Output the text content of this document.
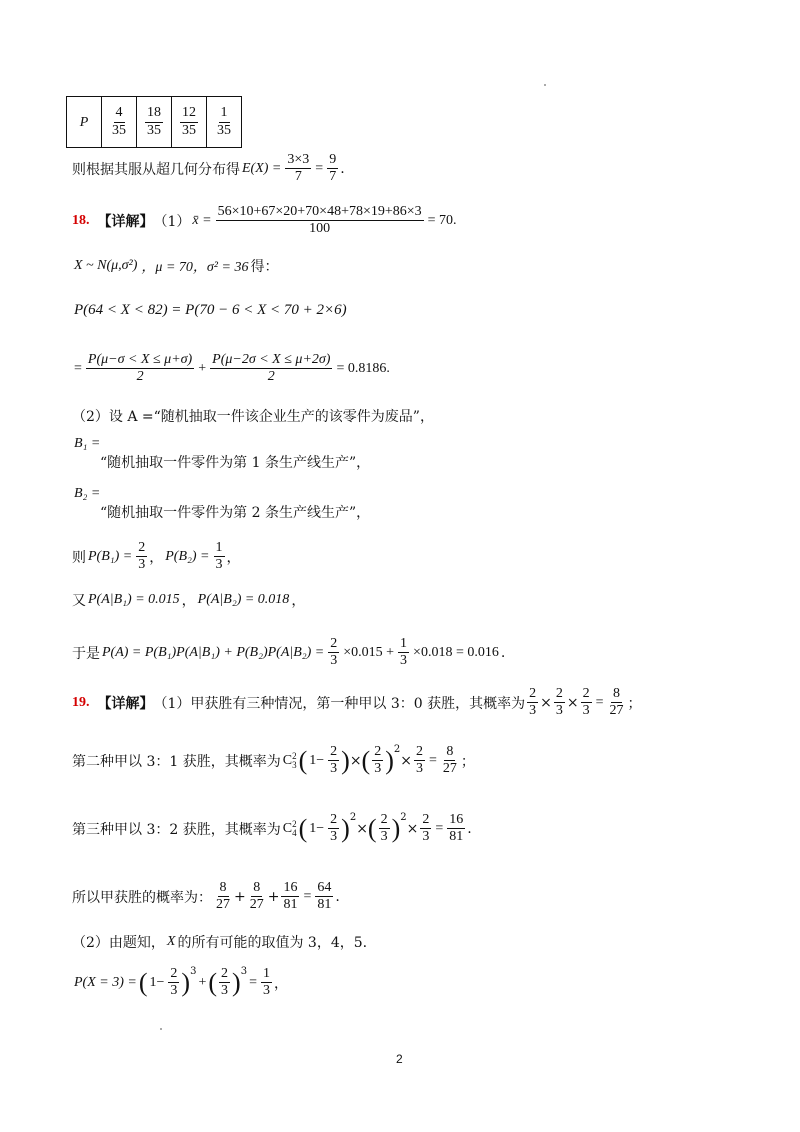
P	$\frac{4}{35}$	$\frac{18}{35}$	$\frac{12}{35}$	$\frac{1}{35}$
则根据其服从超几何分布得 $E(X) = \frac{3\times 3}{7} = \frac{9}{7}$ .
18. 【详解】 （1） x̄ = $\frac{56\times 10+67\times 20+70\times 48+78\times 19+86\times 3}{100} = 70$.
X ~ N(μ,σ²) ，μ = 70，σ² = 36 得：
P(64 < X < 82) = P(70 − 6 < X < 70 + 2×6)
= $\frac{P(\mu-\sigma < X \le \mu+\sigma)}{2} + \frac{P(\mu-2\sigma < X \le \mu+2\sigma)}{2} = 0.8186$.
（2）设 A =“随机抽取一件该企业生产的该零件为废品”，
B₁ =
“随机抽取一件零件为第 1 条生产线生产”，
B₂ =
“随机抽取一件零件为第 2 条生产线生产”，
则 $P(B_1) = \frac{2}{3}$ ， $P(B_2) = \frac{1}{3}$ ，
又 P(A|B₁) = 0.015 ， P(A|B₂) = 0.018 ，
于是 $P(A) = P(B_1)P(A|B_1) + P(B_2)P(A|B_2) = \frac{2}{3} \times 0.015 + \frac{1}{3} \times 0.018 = 0.016$ .
19. 【详解】 （1）甲获胜有三种情况，第一种甲以 3：0 获胜，其概率为 $\frac{2}{3} \times \frac{2}{3} \times \frac{2}{3} = \frac{8}{27}$ ；
第二种甲以 3：1 获胜，其概率为 C 2
3 ( $1- \frac{2}{3}$ ) × ( $\frac{2}{3}$ ) 2
× $\frac{2}{3} = \frac{8}{27}$ ；
第三种甲以 3：2 获胜，其概率为 C 2
4 ( $1- \frac{2}{3}$ ) 2
× ( $\frac{2}{3}$ ) 2
× $\frac{2}{3} = \frac{16}{81}$ .
所以甲获胜的概率为： $\frac{8}{27} + \frac{8}{27} + \frac{16}{81} = \frac{64}{81}$ .
（2）由题知， X 的所有可能的取值为 3，4，5.
P(X = 3) = ( $1- \frac{2}{3}$ ) 3
+ ( $\frac{2}{3}$ ) 3
= $\frac{1}{3}$ ，
2
